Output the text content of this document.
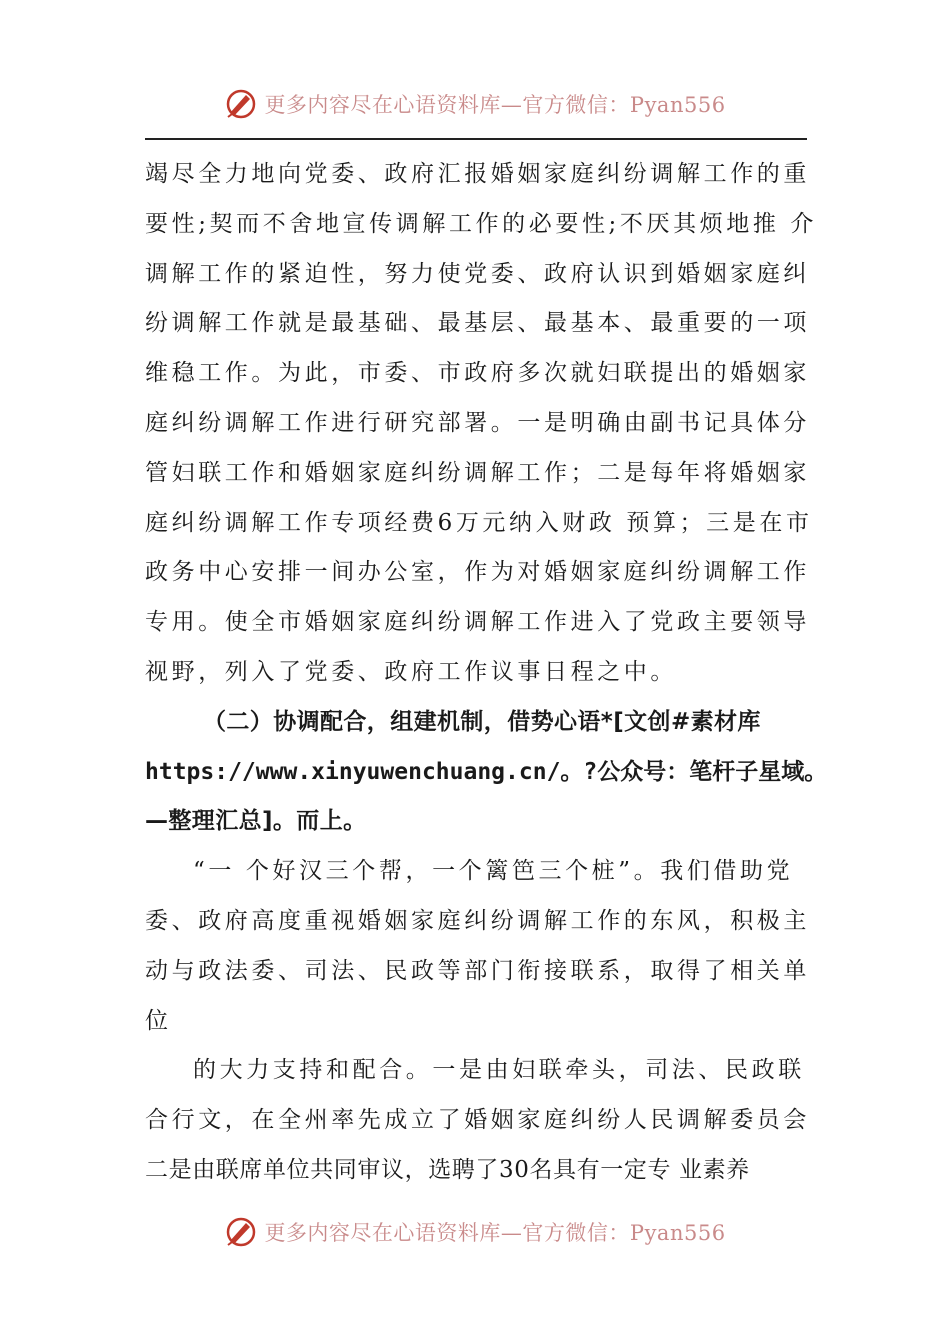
更多内容尽在心语资料库—官方微信：Pyan556
竭尽全力地向党委、政府汇报婚姻家庭纠纷调解工作的重
要性;契而不舍地宣传调解工作的必要性;不厌其烦地推 介
调解工作的紧迫性，努力使党委、政府认识到婚姻家庭纠
纷调解工作就是最基础、最基层、最基本、最重要的一项
维稳工作。为此，市委、市政府多次就妇联提出的婚姻家
庭纠纷调解工作进行研究部署。一是明确由副书记具体分
管妇联工作和婚姻家庭纠纷调解工作；二是每年将婚姻家
庭纠纷调解工作专项经费6万元纳入财政 预算；三是在市
政务中心安排一间办公室，作为对婚姻家庭纠纷调解工作
专用。使全市婚姻家庭纠纷调解工作进入了党政主要领导
视野，列入了党委、政府工作议事日程之中。
（二）协调配合，组建机制，借势心语*[文创#素材库
https://www.xinyuwenchuang.cn/。?公众号：笔杆子星域。
—整理汇总]。而上。
“一 个好汉三个帮，一个篱笆三个桩”。我们借助党
委、政府高度重视婚姻家庭纠纷调解工作的东风，积极主
动与政法委、司法、民政等部门衔接联系，取得了相关单
位
的大力支持和配合。一是由妇联牵头，司法、民政联
合行文，在全州率先成立了婚姻家庭纠纷人民调解委员会
二是由联席单位共同审议，选聘了30名具有一定专 业素养
更多内容尽在心语资料库—官方微信：Pyan556
